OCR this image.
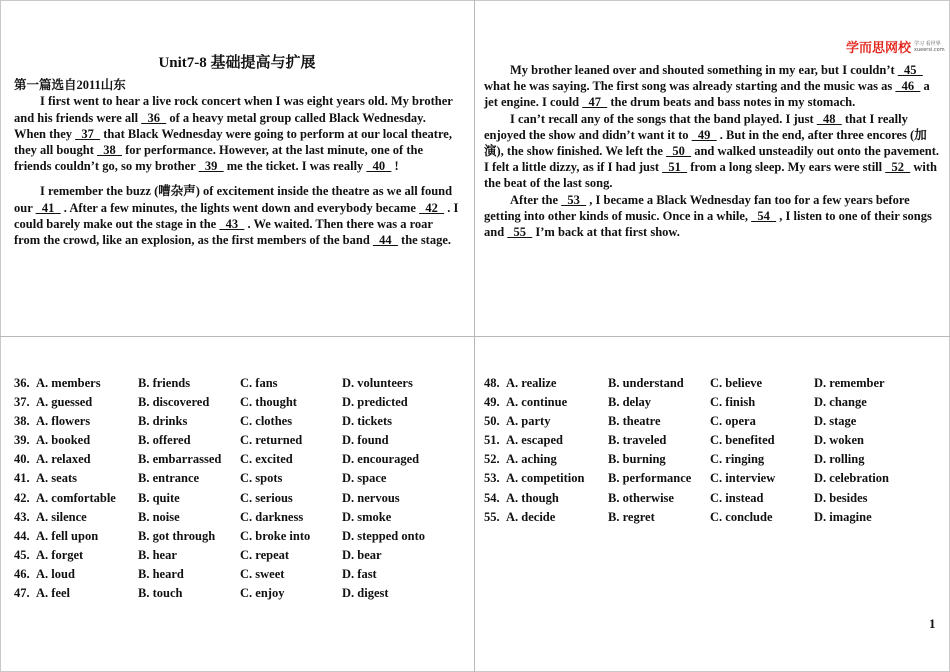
Unit7-8 基础提高与扩展

第一篇选自2011山东

I first went to hear a live rock concert when I was eight years old. My brother and his friends were all   36   of a heavy metal group called Black Wednesday. When they   37   that Black Wednesday were going to perform at our local theatre, they all bought   38   for performance. However, at the last minute, one of the friends couldn’t go, so my brother   39   me the ticket. I was really   40   !

I remember the buzz (嘈杂声) of excitement inside the theatre as we all found our   41   . After a few minutes, the lights went down and everybody became   42   . I could barely make out the stage in the   43   . We waited. Then there was a roar from the crowd, like an explosion, as the first members of the band   44   the stage.

学而思网校 学习 看世界
xueersi.com

My brother leaned over and shouted something in my ear, but I couldn’t   45   what he was saying. The first song was already starting and the music was as   46   a jet engine. I could   47   the drum beats and bass notes in my stomach.

I can’t recall any of the songs that the band played. I just   48   that I really enjoyed the show and didn’t want it to   49   . But in the end, after three encores (加演), the show finished. We left the   50   and walked unsteadily out onto the pavement. I felt a little dizzy, as if I had just   51   from a long sleep. My ears were still   52   with the beat of the last song.

After the   53   , I became a Black Wednesday fan too for a few years before getting into other kinds of music. Once in a while,   54   , I listen to one of their songs and   55   I’m back at that first show.

36. A. members	B. friends	C. fans	D. volunteers
37. A. guessed	B. discovered	C. thought	D. predicted
38. A. flowers	B. drinks	C. clothes	D. tickets
39. A. booked	B. offered	C. returned	D. found
40. A. relaxed	B. embarrassed	C. excited	D. encouraged
41. A. seats	B. entrance	C. spots	D. space
42. A. comfortable	B. quite	C. serious	D. nervous
43. A. silence	B. noise	C. darkness	D. smoke
44. A. fell upon	B. got through	C. broke into	D. stepped onto
45. A. forget	B. hear	C. repeat	D. bear
46. A. loud	B. heard	C. sweet	D. fast
47. A. feel	B. touch	C. enjoy	D. digest
48. A. realize	B. understand	C. believe	D. remember
49. A. continue	B. delay	C. finish	D. change
50. A. party	B. theatre	C. opera	D. stage
51. A. escaped	B. traveled	C. benefited	D. woken
52. A. aching	B. burning	C. ringing	D. rolling
53. A. competition	B. performance	C. interview	D. celebration
54. A. though	B. otherwise	C. instead	D. besides
55. A. decide	B. regret	C. conclude	D. imagine
1
